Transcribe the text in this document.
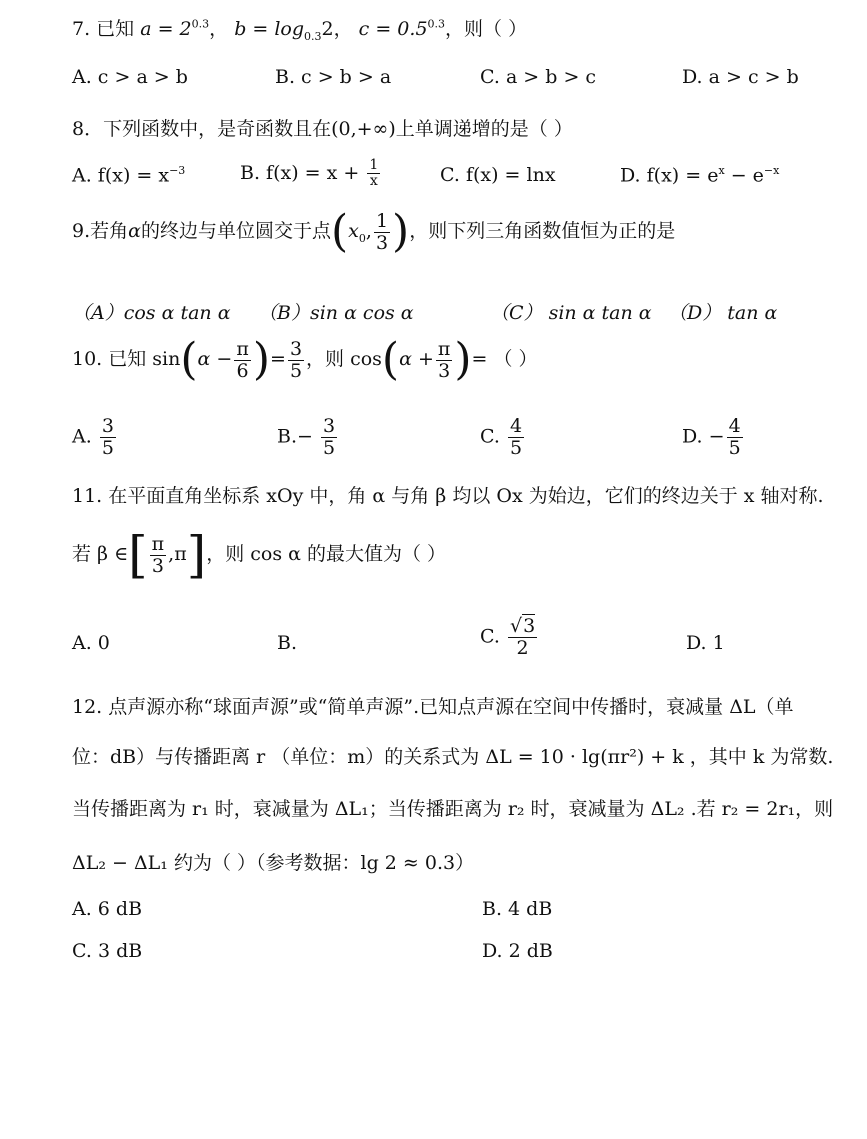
7. 已知 $a = 2^{0.3}$， $b = \log_{0.3}2$， $c = 0.5^{0.3}$，则（ ）
A. c > a > b	B. c > b > a	C. a > b > c	D. a > c > b
8．下列函数中，是奇函数且在(0,+∞)上单调递增的是（ ）
A. $f(x) = x^{-3}$	B. $f(x) = x + \frac{1}{x}$	C. f(x) = lnx	D. $f(x) = e^x - e^{-x}$
9.若角α的终边与单位圆交于点($x_0$, $\frac{1}{3}$ )，则下列三角函数值恒为正的是
（A）cos α tan α （B）sin α cos α	（C） sin α tan α （D） tan α
10. 已知 $\sin(\alpha - \frac{\pi}{6}$ )= $\frac{3}{5}$ ，则 $\cos(\alpha + \frac{\pi}{3}$ )= （ ）
A. $\frac{3}{5}$	$B.- \frac{3}{5}$	C. $\frac{4}{5}$	D. − $\frac{4}{5}$
11. 在平面直角坐标系 xOy 中，角 α 与角 β 均以 Ox 为始边，它们的终边关于 x 轴对称.
若 β ∈[ $\frac{\pi}{3} ,\pi$]，则 cos α 的最大值为（ ）
A. 0	B.	C. $\frac{√3}{2}$	D. 1
12. 点声源亦称“球面声源”或“简单声源”.已知点声源在空间中传播时，衰减量 ΔL（单
位：dB）与传播距离 r （单位：m）的关系式为 ΔL = 10 · lg(πr²) + k ，其中 k 为常数.
当传播距离为 r₁ 时，衰减量为 ΔL₁；当传播距离为 r₂ 时，衰减量为 ΔL₂ .若 r₂ = 2r₁，则
ΔL₂ − ΔL₁ 约为（ ）（参考数据：lg 2 ≈ 0.3）
A. 6 dB	B. 4 dB
C. 3 dB	D. 2 dB
